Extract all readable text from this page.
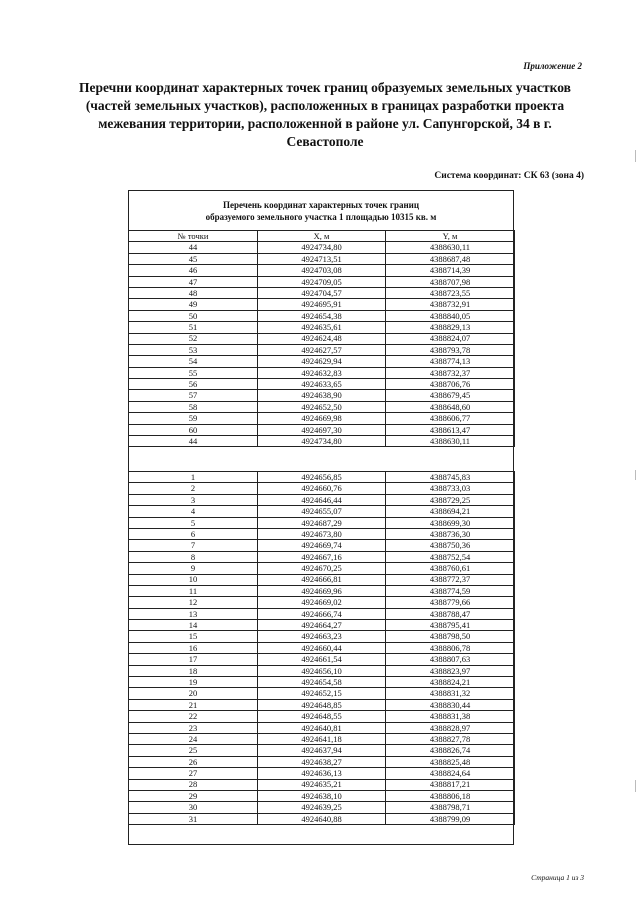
Приложение 2
Перечни координат характерных точек границ образуемых земельных участков
(частей земельных участков), расположенных в границах разработки проекта
межевания территории, расположенной в районе ул. Сапунгорской, 34 в г.
Севастополе
Система координат: СК 63 (зона 4)
Перечень координат характерных точек границ
образуемого земельного участка 1 площадью 10315 кв. м
№ точки	X, м	Y, м
44	4924734,80	4388630,11
45	4924713,51	4388687,48
46	4924703,08	4388714,39
47	4924709,05	4388707,98
48	4924704,57	4388723,55
49	4924695,91	4388732,91
50	4924654,38	4388840,05
51	4924635,61	4388829,13
52	4924624,48	4388824,07
53	4924627,57	4388793,78
54	4924629,94	4388774,13
55	4924632,83	4388732,37
56	4924633,65	4388706,76
57	4924638,90	4388679,45
58	4924652,50	4388648,60
59	4924669,98	4388606,77
60	4924697,30	4388613,47
44	4924734,80	4388630,11
1	4924656,85	4388745,83
2	4924660,76	4388733,03
3	4924646,44	4388729,25
4	4924655,07	4388694,21
5	4924687,29	4388699,30
6	4924673,80	4388736,30
7	4924669,74	4388750,36
8	4924667,16	4388752,54
9	4924670,25	4388760,61
10	4924666,81	4388772,37
11	4924669,96	4388774,59
12	4924669,02	4388779,66
13	4924666,74	4388788,47
14	4924664,27	4388795,41
15	4924663,23	4388798,50
16	4924660,44	4388806,78
17	4924661,54	4388807,63
18	4924656,10	4388823,97
19	4924654,58	4388824,21
20	4924652,15	4388831,32
21	4924648,85	4388830,44
22	4924648,55	4388831,38
23	4924640,81	4388828,97
24	4924641,18	4388827,78
25	4924637,94	4388826,74
26	4924638,27	4388825,48
27	4924636,13	4388824,64
28	4924635,21	4388817,21
29	4924638,10	4388806,18
30	4924639,25	4388798,71
31	4924640,88	4388799,09
Страница 1 из 3
